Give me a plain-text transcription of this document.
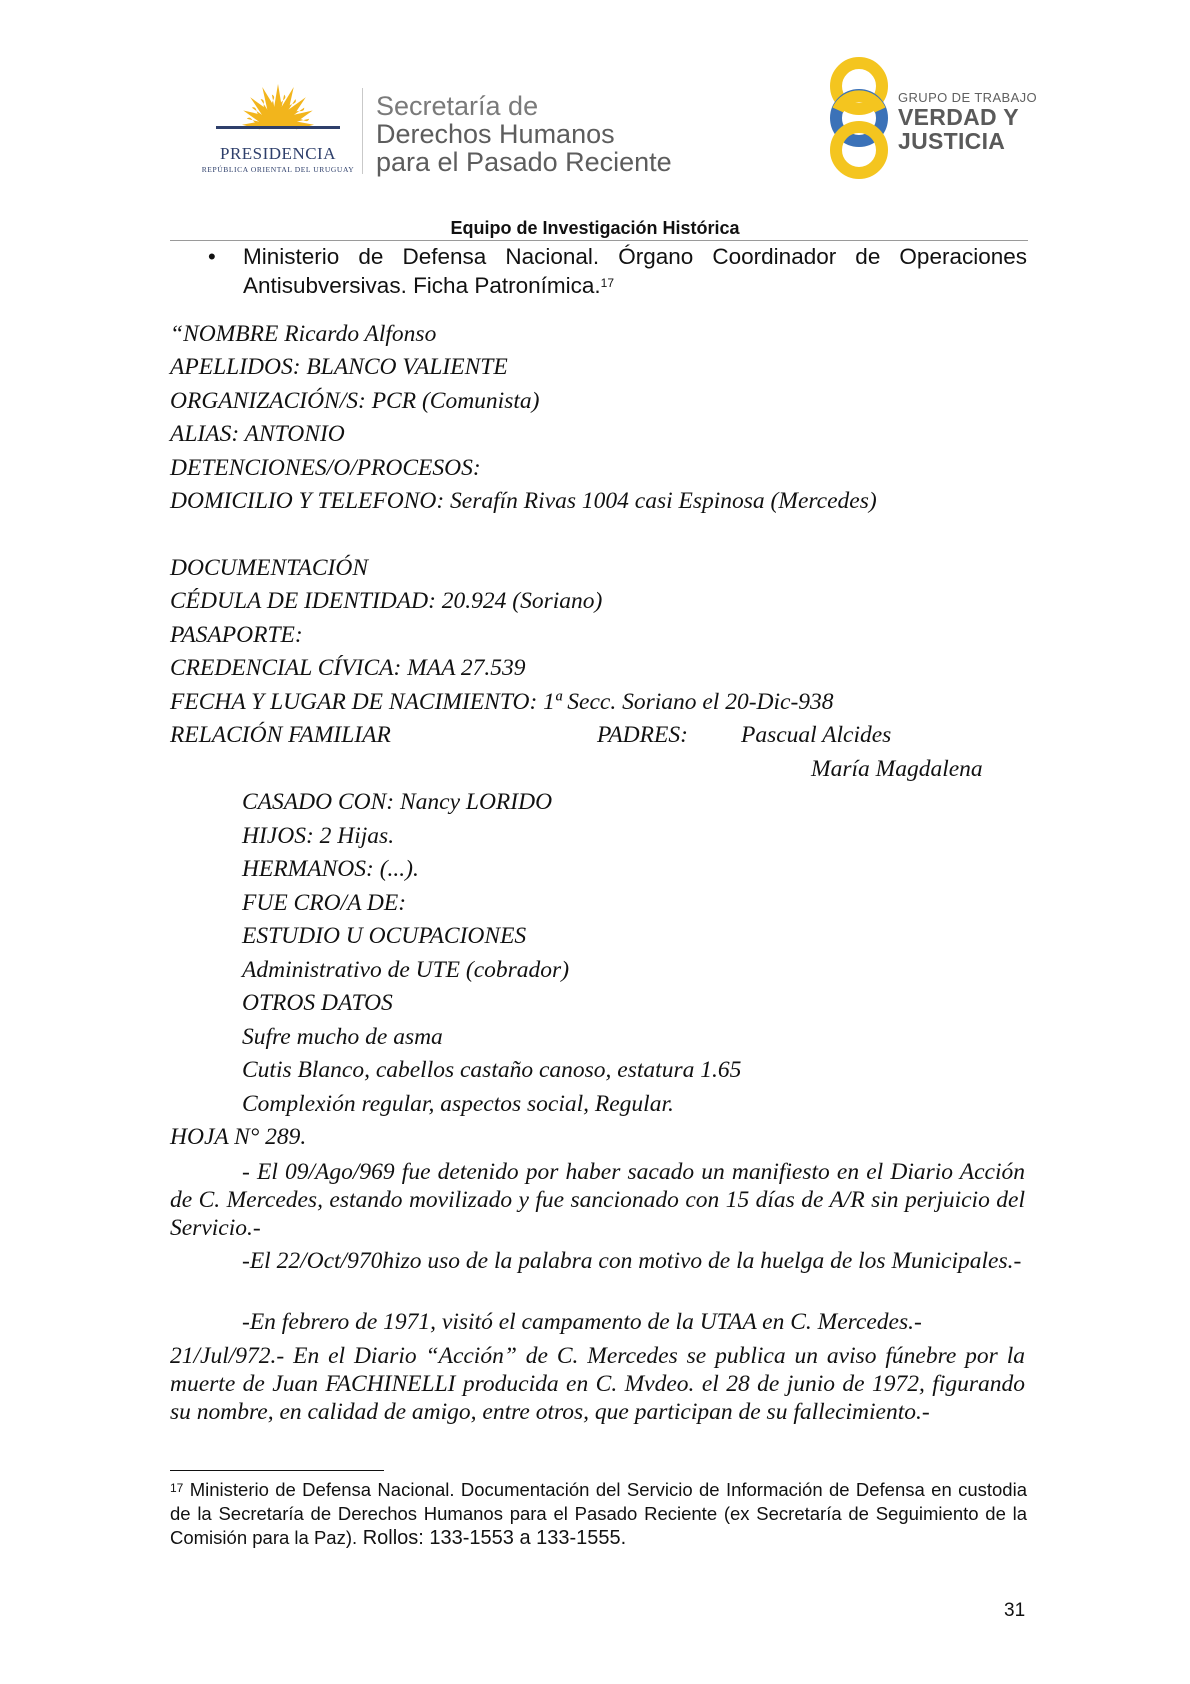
PRESIDENCIA
REPÚBLICA ORIENTAL DEL URUGUAY
Secretaría de
Derechos Humanos
para el Pasado Reciente
GRUPO DE TRABAJO
VERDAD Y
JUSTICIA
Equipo de Investigación Histórica
• Ministerio de Defensa Nacional. Órgano Coordinador de Operaciones Antisubversivas. Ficha Patronímica.$^{17}$
“NOMBRE Ricardo Alfonso
APELLIDOS: BLANCO VALIENTE
ORGANIZACIÓN/S: PCR (Comunista)
ALIAS: ANTONIO
DETENCIONES/O/PROCESOS:
DOMICILIO Y TELEFONO: Serafín Rivas 1004 casi Espinosa (Mercedes)
DOCUMENTACIÓN
CÉDULA DE IDENTIDAD: 20.924 (Soriano)
PASAPORTE:
CREDENCIAL CÍVICA: MAA 27.539
FECHA Y LUGAR DE NACIMIENTO: 1ª Secc. Soriano el 20-Dic-938
RELACIÓN FAMILIAR	PADRES: Pascual Alcides
María Magdalena
CASADO CON: Nancy LORIDO
HIJOS: 2 Hijas.
HERMANOS: (...).
FUE CRO/A DE:
ESTUDIO U OCUPACIONES
Administrativo de UTE (cobrador)
OTROS DATOS
Sufre mucho de asma
Cutis Blanco, cabellos castaño canoso, estatura 1.65
Complexión regular, aspectos social, Regular.
HOJA N° 289.
- El 09/Ago/969 fue detenido por haber sacado un manifiesto en el Diario Acción de C. Mercedes, estando movilizado y fue sancionado con 15 días de A/R sin perjuicio del Servicio.-
-El 22/Oct/970hizo uso de la palabra con motivo de la huelga de los Municipales.-
-En febrero de 1971, visitó el campamento de la UTAA en C. Mercedes.-
21/Jul/972.- En el Diario “Acción” de C. Mercedes se publica un aviso fúnebre por la muerte de Juan FACHINELLI producida en C. Mvdeo. el 28 de junio de 1972, figurando su nombre, en calidad de amigo, entre otros, que participan de su fallecimiento.-
$^{17}$ Ministerio de Defensa Nacional. Documentación del Servicio de Información de Defensa en custodia de la Secretaría de Derechos Humanos para el Pasado Reciente (ex Secretaría de Seguimiento de la Comisión para la Paz). Rollos: 133-1553 a 133-1555.
31
